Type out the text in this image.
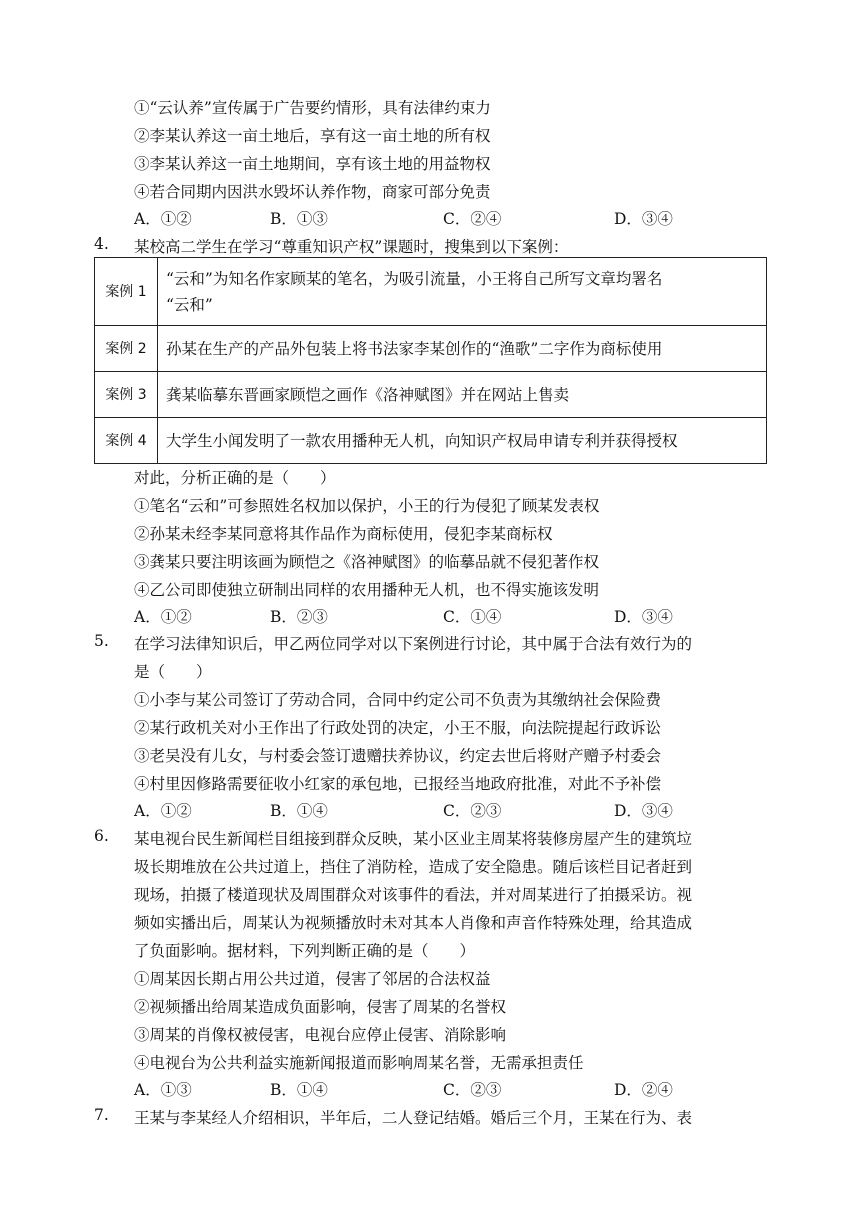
①“云认养”宣传属于广告要约情形，具有法律约束力
②李某认养这一亩土地后，享有这一亩土地的所有权
③李某认养这一亩土地期间，享有该土地的用益物权
④若合同期内因洪水毁坏认养作物，商家可部分免责
A．①②	B．①③	C．②④	D．③④
4. 某校高二学生在学习“尊重知识产权”课题时，搜集到以下案例：
案例 1	“云和”为知名作家顾某的笔名，为吸引流量，小王将自己所写文章均署名
“云和”

案例 2	孙某在生产的产品外包装上将书法家李某创作的“渔歌”二字作为商标使用
案例 3	龚某临摹东晋画家顾恺之画作《洛神赋图》并在网站上售卖
案例 4	大学生小闻发明了一款农用播种无人机，向知识产权局申请专利并获得授权
对此，分析正确的是（　　）
①笔名“云和”可参照姓名权加以保护，小王的行为侵犯了顾某发表权
②孙某未经李某同意将其作品作为商标使用，侵犯李某商标权
③龚某只要注明该画为顾恺之《洛神赋图》的临摹品就不侵犯著作权
④乙公司即使独立研制出同样的农用播种无人机，也不得实施该发明
A．①②	B．②③	C．①④	D．③④
5. 在学习法律知识后，甲乙两位同学对以下案例进行讨论，其中属于合法有效行为的
是（　　）
①小李与某公司签订了劳动合同，合同中约定公司不负责为其缴纳社会保险费
②某行政机关对小王作出了行政处罚的决定，小王不服，向法院提起行政诉讼
③老吴没有儿女，与村委会签订遗赠扶养协议，约定去世后将财产赠予村委会
④村里因修路需要征收小红家的承包地，已报经当地政府批准，对此不予补偿
A．①②	B．①④	C．②③	D．③④
6. 某电视台民生新闻栏目组接到群众反映，某小区业主周某将装修房屋产生的建筑垃
圾长期堆放在公共过道上，挡住了消防栓，造成了安全隐患。随后该栏目记者赶到
现场，拍摄了楼道现状及周围群众对该事件的看法，并对周某进行了拍摄采访。视
频如实播出后，周某认为视频播放时未对其本人肖像和声音作特殊处理，给其造成
了负面影响。据材料，下列判断正确的是（　　）
①周某因长期占用公共过道，侵害了邻居的合法权益
②视频播出给周某造成负面影响，侵害了周某的名誉权
③周某的肖像权被侵害，电视台应停止侵害、消除影响
④电视台为公共利益实施新闻报道而影响周某名誉，无需承担责任
A．①③	B．①④	C．②③	D．②④
7. 王某与李某经人介绍相识，半年后，二人登记结婚。婚后三个月，王某在行为、表
